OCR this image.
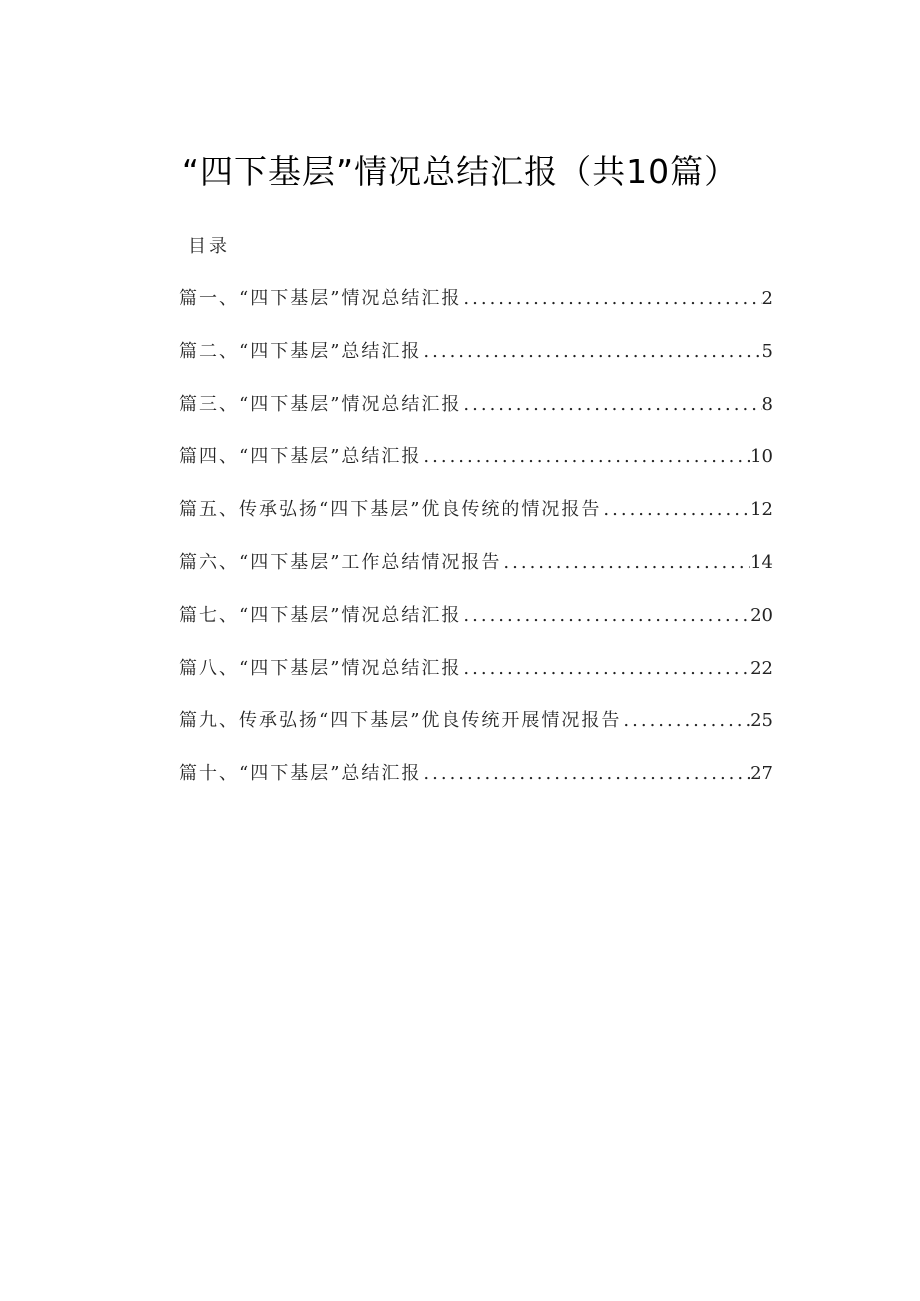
“四下基层”情况总结汇报（共10篇）
目录
篇一、“四下基层”情况总结汇报 .....	2
篇二、“四下基层”总结汇报 .....	5
篇三、“四下基层”情况总结汇报 .....	8
篇四、“四下基层”总结汇报 .....	10
篇五、传承弘扬“四下基层”优良传统的情况报告 .....	12
篇六、“四下基层”工作总结情况报告 .....	14
篇七、“四下基层”情况总结汇报 .....	20
篇八、“四下基层”情况总结汇报 .....	22
篇九、传承弘扬“四下基层”优良传统开展情况报告 .....	25
篇十、“四下基层”总结汇报 .....	27
